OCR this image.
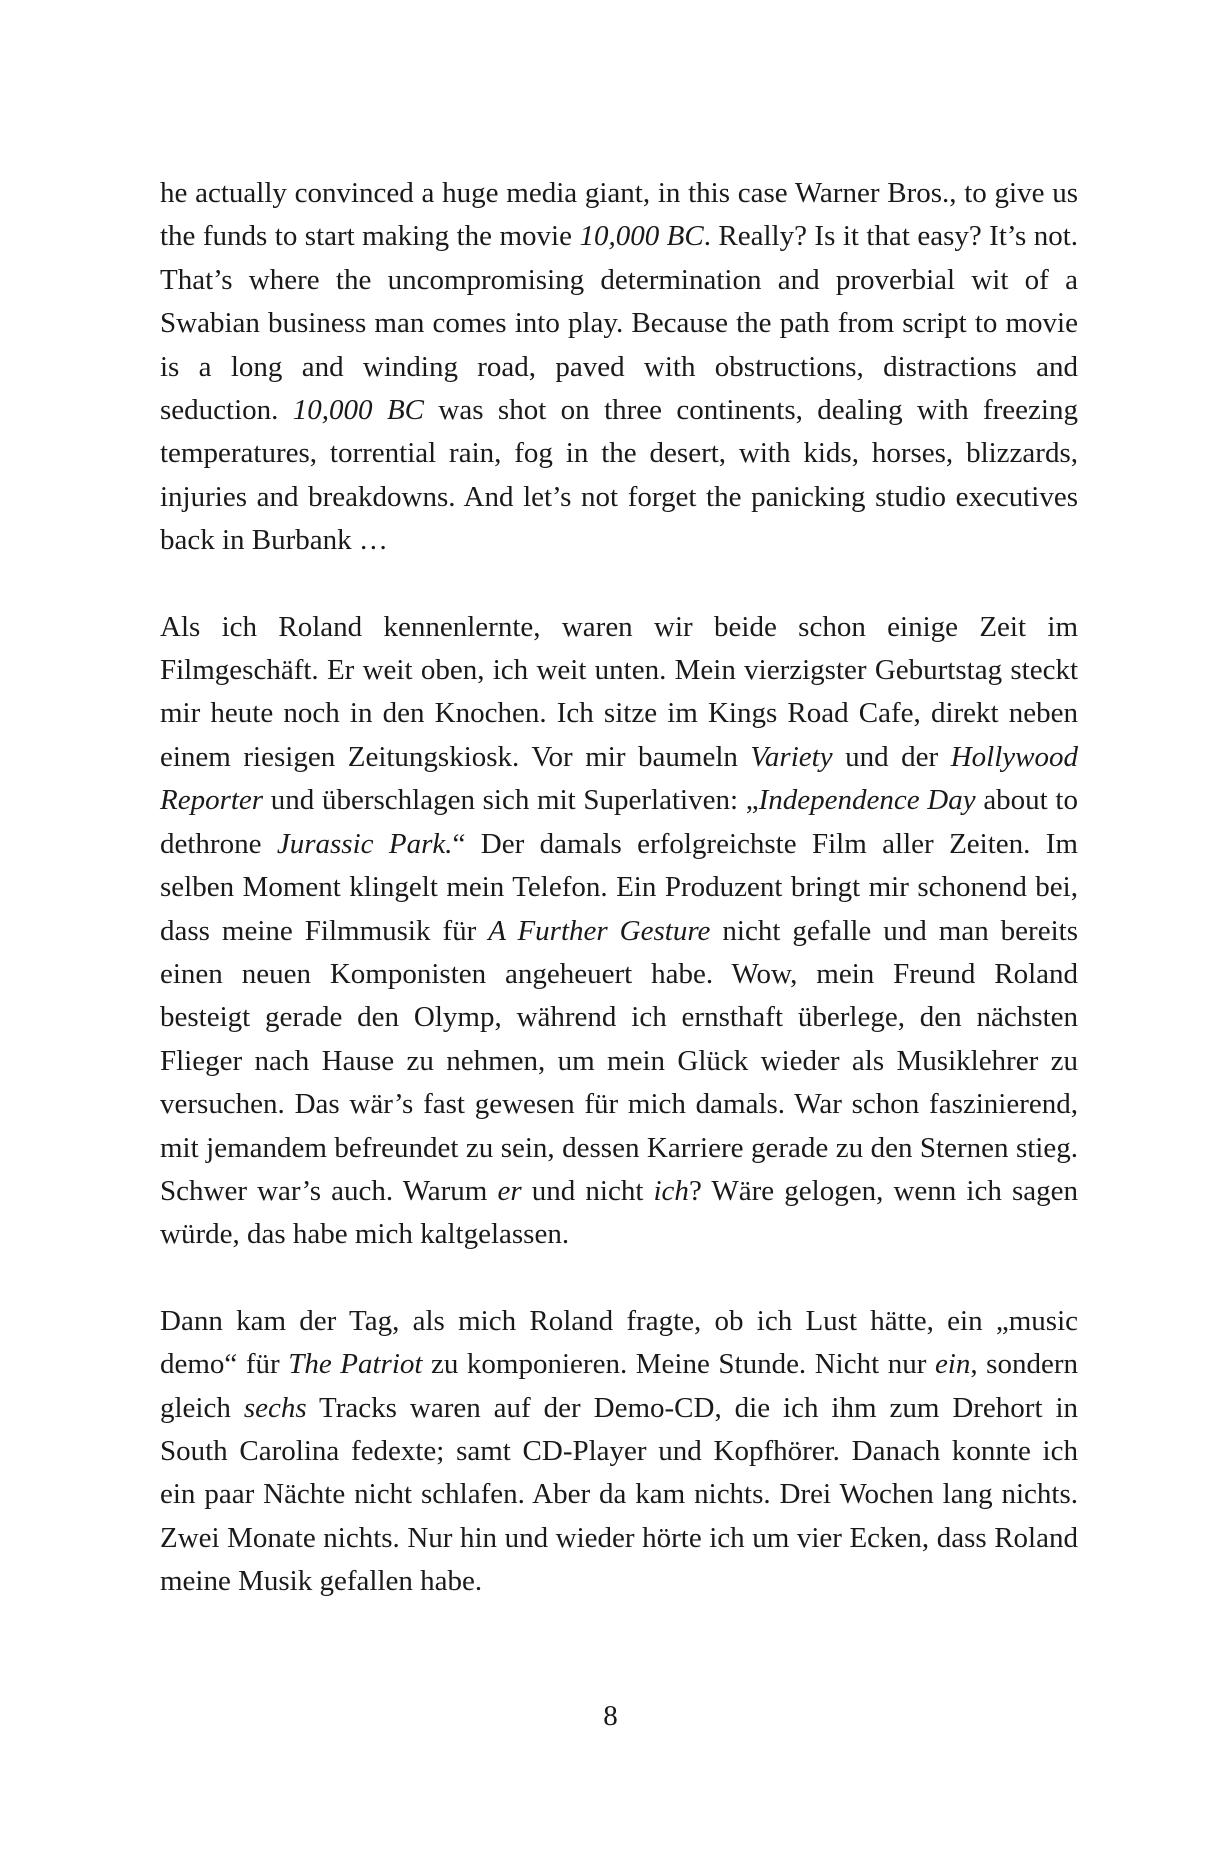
he actually convinced a huge media giant, in this case Warner Bros., to give us the funds to start making the movie 10,000 BC. Really? Is it that easy? It’s not. That’s where the uncompromising determination and proverbial wit of a Swabian business man comes into play. Because the path from script to movie is a long and winding road, paved with obstructions, distractions and seduction. 10,000 BC was shot on three continents, dealing with freezing temperatures, torrential rain, fog in the desert, with kids, horses, blizzards, injuries and breakdowns. And let’s not forget the panicking studio executives back in Burbank …

Als ich Roland kennenlernte, waren wir beide schon einige Zeit im Filmgeschäft. Er weit oben, ich weit unten. Mein vierzigster Geburtstag steckt mir heute noch in den Knochen. Ich sitze im Kings Road Cafe, direkt neben einem riesigen Zeitungskiosk. Vor mir baumeln Variety und der Hollywood Reporter und überschlagen sich mit Superlativen: „Independence Day about to dethrone Jurassic Park.“ Der damals erfolgreichste Film aller Zeiten. Im selben Moment klingelt mein Telefon. Ein Produzent bringt mir schonend bei, dass meine Filmmusik für A Further Gesture nicht gefalle und man bereits einen neuen Komponisten angeheuert habe. Wow, mein Freund Roland besteigt gerade den Olymp, während ich ernsthaft überlege, den nächsten Flieger nach Hause zu nehmen, um mein Glück wieder als Musiklehrer zu versuchen. Das wär’s fast gewesen für mich damals. War schon faszinierend, mit jemandem befreundet zu sein, dessen Karriere gerade zu den Sternen stieg. Schwer war’s auch. Warum er und nicht ich? Wäre gelogen, wenn ich sagen würde, das habe mich kaltgelassen.

Dann kam der Tag, als mich Roland fragte, ob ich Lust hätte, ein „music demo“ für The Patriot zu komponieren. Meine Stunde. Nicht nur ein, sondern gleich sechs Tracks waren auf der Demo-CD, die ich ihm zum Drehort in South Carolina fedexte; samt CD-Player und Kopfhörer. Danach konnte ich ein paar Nächte nicht schlafen. Aber da kam nichts. Drei Wochen lang nichts. Zwei Monate nichts. Nur hin und wieder hörte ich um vier Ecken, dass Roland meine Musik gefallen habe.

8
